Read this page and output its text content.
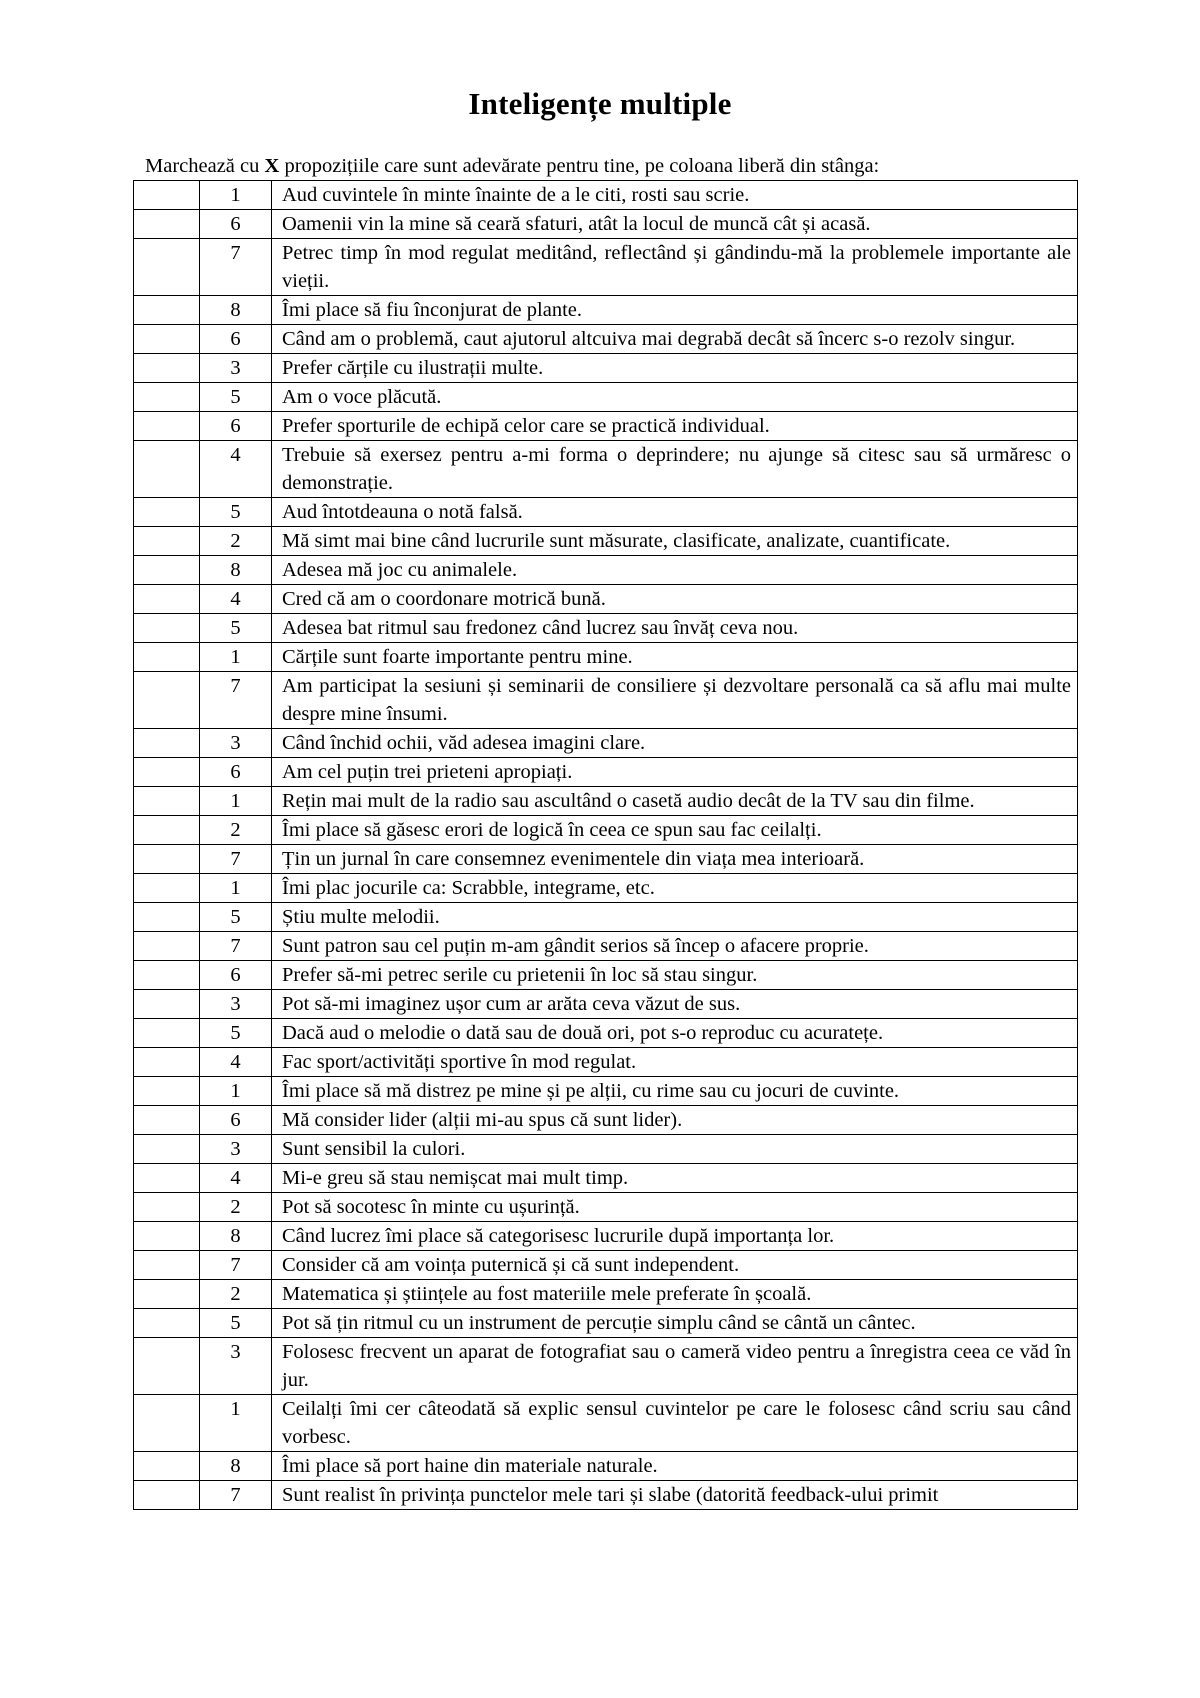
Inteligențe multiple
Marchează cu X propozițiile care sunt adevărate pentru tine, pe coloana liberă din stânga:
	1	Aud cuvintele în minte înainte de a le citi, rosti sau scrie.
	6	Oamenii vin la mine să ceară sfaturi, atât la locul de muncă cât și acasă.
	7	Petrec timp în mod regulat meditând, reflectând și gândindu-mă la problemele importante ale vieții.
	8	Îmi place să fiu înconjurat de plante.
	6	Când am o problemă, caut ajutorul altcuiva mai degrabă decât să încerc s-o rezolv singur.
	3	Prefer cărțile cu ilustrații multe.
	5	Am o voce plăcută.
	6	Prefer sporturile de echipă celor care se practică individual.
	4	Trebuie să exersez pentru a-mi forma o deprindere; nu ajunge să citesc sau să urmăresc o demonstrație.
	5	Aud întotdeauna o notă falsă.
	2	Mă simt mai bine când lucrurile sunt măsurate, clasificate, analizate, cuantificate.
	8	Adesea mă joc cu animalele.
	4	Cred că am o coordonare motrică bună.
	5	Adesea bat ritmul sau fredonez când lucrez sau învăț ceva nou.
	1	Cărțile sunt foarte importante pentru mine.
	7	Am participat la sesiuni și seminarii de consiliere și dezvoltare personală ca să aflu mai multe despre mine însumi.
	3	Când închid ochii, văd adesea imagini clare.
	6	Am cel puțin trei prieteni apropiați.
	1	Rețin mai mult de la radio sau ascultând o casetă audio decât de la TV sau din filme.
	2	Îmi place să găsesc erori de logică în ceea ce spun sau fac ceilalți.
	7	Țin un jurnal în care consemnez evenimentele din viața mea interioară.
	1	Îmi plac jocurile ca: Scrabble, integrame, etc.
	5	Știu multe melodii.
	7	Sunt patron sau cel puțin m-am gândit serios să încep o afacere proprie.
	6	Prefer să-mi petrec serile cu prietenii în loc să stau singur.
	3	Pot să-mi imaginez ușor cum ar arăta ceva văzut de sus.
	5	Dacă aud o melodie o dată sau de două ori, pot s-o reproduc cu acuratețe.
	4	Fac sport/activități sportive în mod regulat.
	1	Îmi place să mă distrez pe mine și pe alții, cu rime sau cu jocuri de cuvinte.
	6	Mă consider lider (alții mi-au spus că sunt lider).
	3	Sunt sensibil la culori.
	4	Mi-e greu să stau nemișcat mai mult timp.
	2	Pot să socotesc în minte cu ușurință.
	8	Când lucrez îmi place să categorisesc lucrurile după importanța lor.
	7	Consider că am voința puternică și că sunt independent.
	2	Matematica și științele au fost materiile mele preferate în școală.
	5	Pot să țin ritmul cu un instrument de percuție simplu când se cântă un cântec.
	3	Folosesc frecvent un aparat de fotografiat sau o cameră video pentru a înregistra ceea ce văd în jur.
	1	Ceilalți îmi cer câteodată să explic sensul cuvintelor pe care le folosesc când scriu sau când vorbesc.
	8	Îmi place să port haine din materiale naturale.
	7	Sunt realist în privința punctelor mele tari și slabe (datorită feedback-ului primit
